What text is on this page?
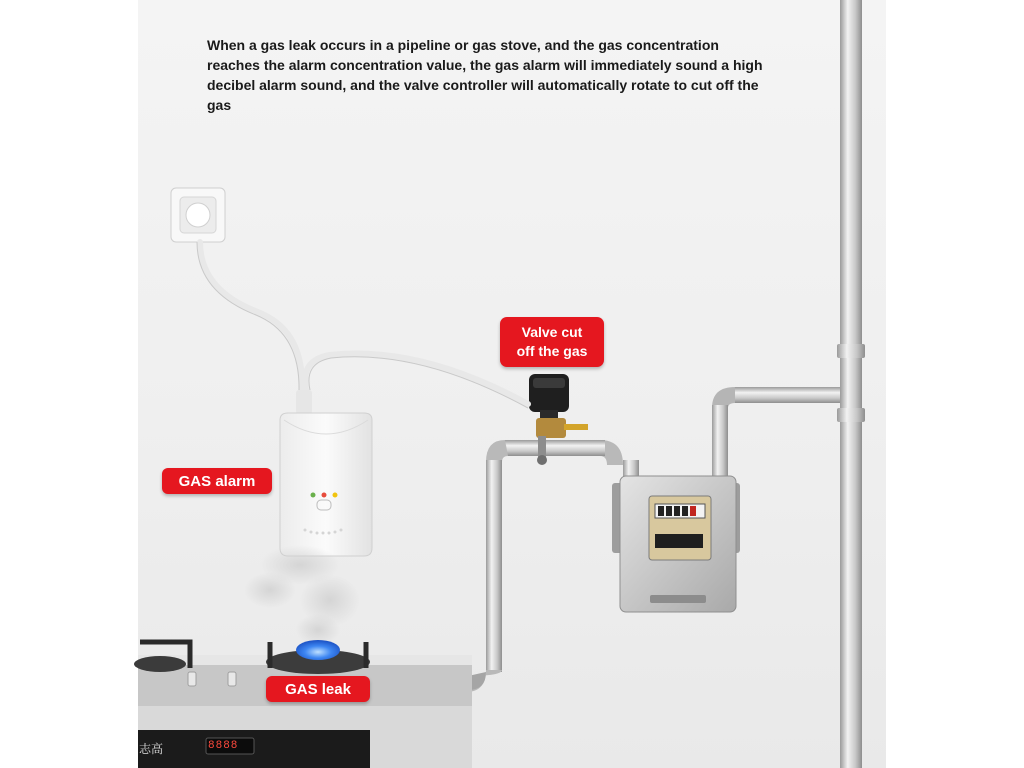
When a gas leak occurs in a pipeline or gas stove, and the gas concentration reaches the alarm concentration value, the gas alarm will immediately sound a high decibel alarm sound, and the valve controller will automatically rotate to cut off the gas

Valve cut
off the gas
GAS alarm
GAS leak
志高	8888
